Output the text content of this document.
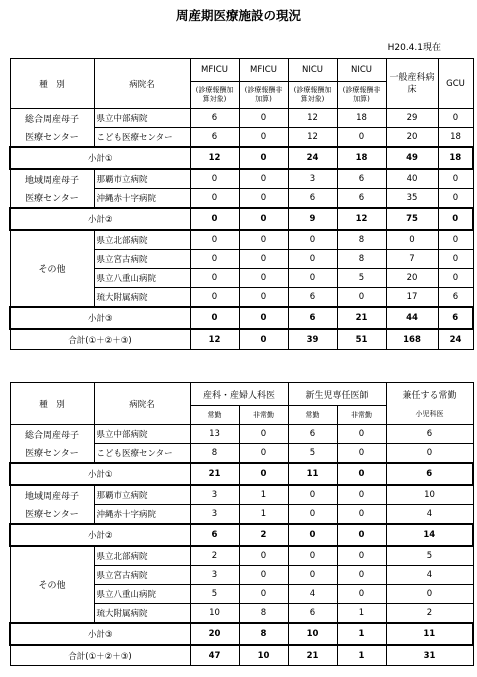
周産期医療施設の現況
H20.4.1現在
種　別	病院名	MFICU	MFICU	NICU	NICU	一般産科病床	GCU
		(診療報酬加算対象)	(診療報酬非加算)	(診療報酬加算対象)	(診療報酬非加算)		
総合周産母子	県立中部病院	6	0	12	18	29	0
医療センター	こども医療センター	6	0	12	0	20	18
小計①		12	0	24	18	49	18
地域周産母子	那覇市立病院	0	0	3	6	40	0
医療センター	沖縄赤十字病院	0	0	6	6	35	0
小計②		0	0	9	12	75	0
その他	県立北部病院	0	0	0	8	0	0
	県立宮古病院	0	0	0	8	7	0
	県立八重山病院	0	0	0	5	20	0
	琉大附属病院	0	0	6	0	17	6
小計③		0	0	6	21	44	6
合計(①＋②＋③)		12	0	39	51	168	24
種　別	病院名	産科・産婦人科医		新生児専任医師		兼任する常勤
		常勤	非常勤	常勤	非常勤	小児科医
総合周産母子	県立中部病院	13	0	6	0	6
医療センター	こども医療センター	8	0	5	0	0
小計①		21	0	11	0	6
地域周産母子	那覇市立病院	3	1	0	0	10
医療センター	沖縄赤十字病院	3	1	0	0	4
小計②		6	2	0	0	14
その他	県立北部病院	2	0	0	0	5
	県立宮古病院	3	0	0	0	4
	県立八重山病院	5	0	4	0	0
	琉大附属病院	10	8	6	1	2
小計③		20	8	10	1	11
合計(①＋②＋③)		47	10	21	1	31
